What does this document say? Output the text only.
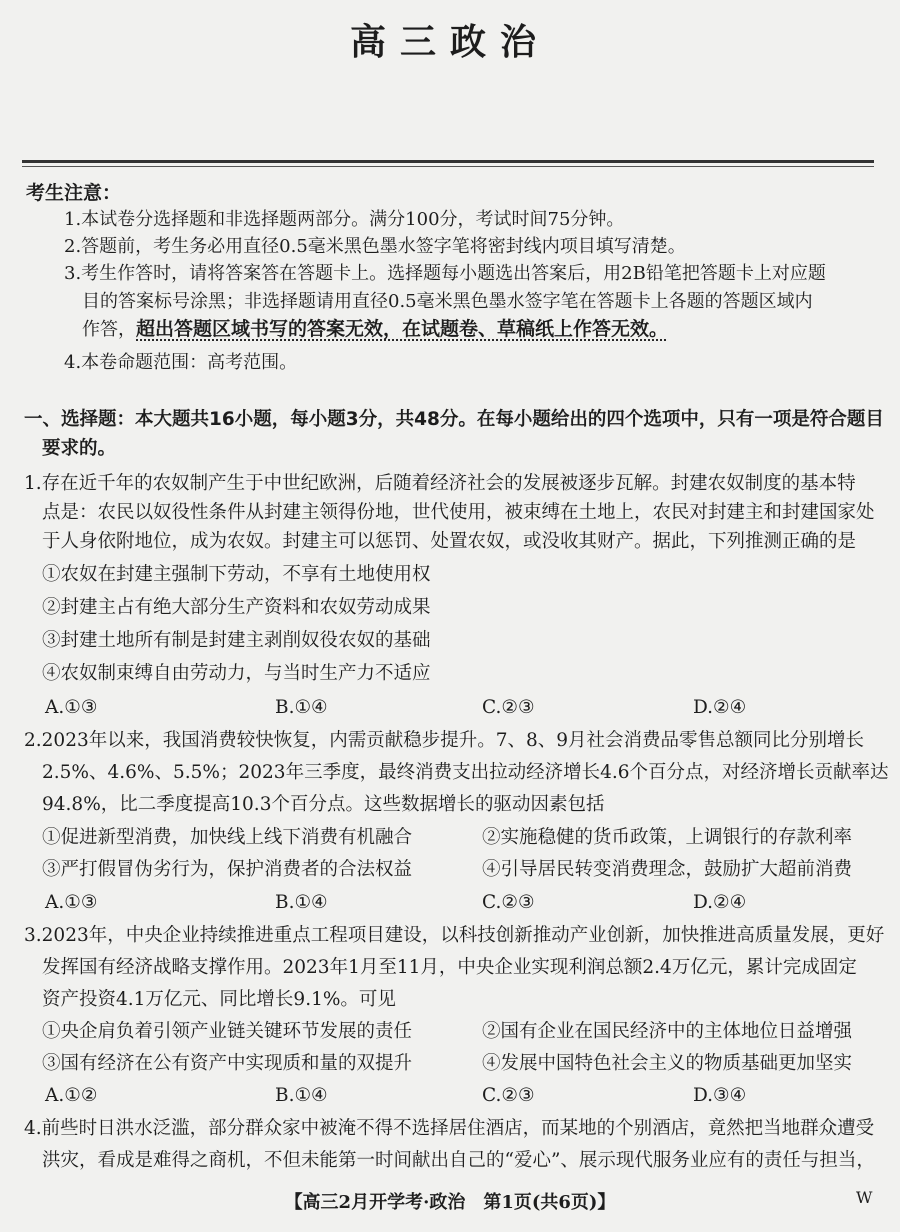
高三政治
考生注意：
1.本试卷分选择题和非选择题两部分。满分100分，考试时间75分钟。
2.答题前，考生务必用直径0.5毫米黑色墨水签字笔将密封线内项目填写清楚。
3.考生作答时，请将答案答在答题卡上。选择题每小题选出答案后，用2B铅笔把答题卡上对应题
目的答案标号涂黑；非选择题请用直径0.5毫米黑色墨水签字笔在答题卡上各题的答题区域内
作答，超出答题区域书写的答案无效，在试题卷、草稿纸上作答无效。
4.本卷命题范围：高考范围。
一、选择题：本大题共16小题，每小题3分，共48分。在每小题给出的四个选项中，只有一项是符合题目
要求的。
1.存在近千年的农奴制产生于中世纪欧洲，后随着经济社会的发展被逐步瓦解。封建农奴制度的基本特
点是：农民以奴役性条件从封建主领得份地，世代使用，被束缚在土地上，农民对封建主和封建国家处
于人身依附地位，成为农奴。封建主可以惩罚、处置农奴，或没收其财产。据此，下列推测正确的是
①农奴在封建主强制下劳动，不享有土地使用权
②封建主占有绝大部分生产资料和农奴劳动成果
③封建土地所有制是封建主剥削奴役农奴的基础
④农奴制束缚自由劳动力，与当时生产力不适应
A.①③	B.①④	C.②③	D.②④
2.2023年以来，我国消费较快恢复，内需贡献稳步提升。7、8、9月社会消费品零售总额同比分别增长
2.5%、4.6%、5.5%；2023年三季度，最终消费支出拉动经济增长4.6个百分点，对经济增长贡献率达
94.8%，比二季度提高10.3个百分点。这些数据增长的驱动因素包括
①促进新型消费，加快线上线下消费有机融合	②实施稳健的货币政策，上调银行的存款利率
③严打假冒伪劣行为，保护消费者的合法权益	④引导居民转变消费理念，鼓励扩大超前消费
A.①③	B.①④	C.②③	D.②④
3.2023年，中央企业持续推进重点工程项目建设，以科技创新推动产业创新，加快推进高质量发展，更好
发挥国有经济战略支撑作用。2023年1月至11月，中央企业实现利润总额2.4万亿元，累计完成固定
资产投资4.1万亿元、同比增长9.1%。可见
①央企肩负着引领产业链关键环节发展的责任	②国有企业在国民经济中的主体地位日益增强
③国有经济在公有资产中实现质和量的双提升	④发展中国特色社会主义的物质基础更加坚实
A.①②	B.①④	C.②③	D.③④
4.前些时日洪水泛滥，部分群众家中被淹不得不选择居住酒店，而某地的个别酒店，竟然把当地群众遭受
洪灾，看成是难得之商机，不但未能第一时间献出自己的“爱心”、展示现代服务业应有的责任与担当，
【高三2月开学考·政治　第1页(共6页)】	W
